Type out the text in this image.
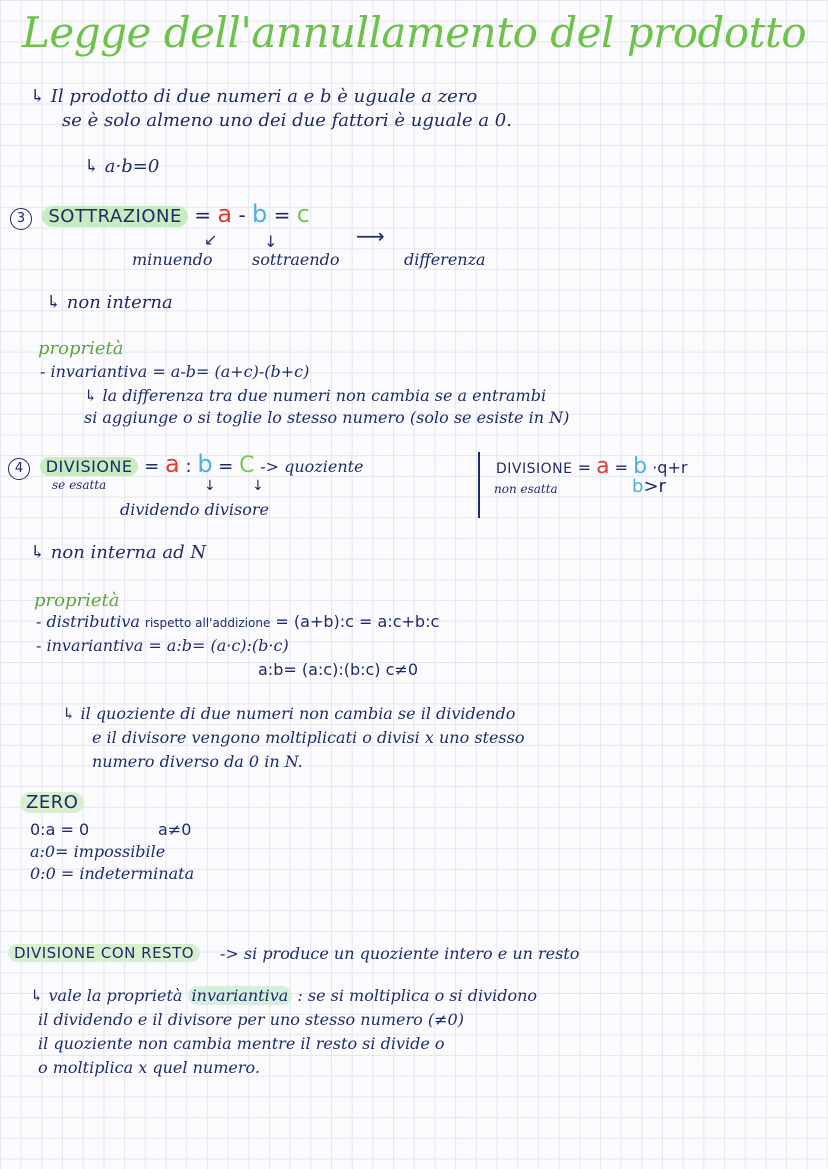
Legge dell'annullamento del prodotto
↳ Il prodotto di due numeri a e b è uguale a zero
se è solo almeno uno dei due fattori è uguale a 0.
↳ a·b=0
3 SOTTRAZIONE = a - b = c
↙	↓	⟶
minuendo sottraendo	differenza
↳ non interna
proprietà
- invariantiva = a-b= (a+c)-(b+c)
↳ la differenza tra due numeri non cambia se a entrambi
si aggiunge o si toglie lo stesso numero (solo se esiste in N)
4 DIVISIONE = a : b = C -> quoziente
se esatta	↓	↓
dividendo divisore
DIVISIONE = a = b ·q+r
non esatta	b>r
↳ non interna ad N
proprietà
- distributiva rispetto all'addizione = (a+b):c = a:c+b:c
- invariantiva = a:b= (a·c):(b·c)
a:b= (a:c):(b:c) c≠0
↳ il quoziente di due numeri non cambia se il dividendo
e il divisore vengono moltiplicati o divisi x uno stesso
numero diverso da 0 in N.
ZERO
0:a = 0	a≠0
a:0= impossibile
0:0 = indeterminata
DIVISIONE CON RESTO	-> si produce un quoziente intero e un resto
↳ vale la proprietà invariantiva : se si moltiplica o si dividono
il dividendo e il divisore per uno stesso numero (≠0)
il quoziente non cambia mentre il resto si divide o
o moltiplica x quel numero.
